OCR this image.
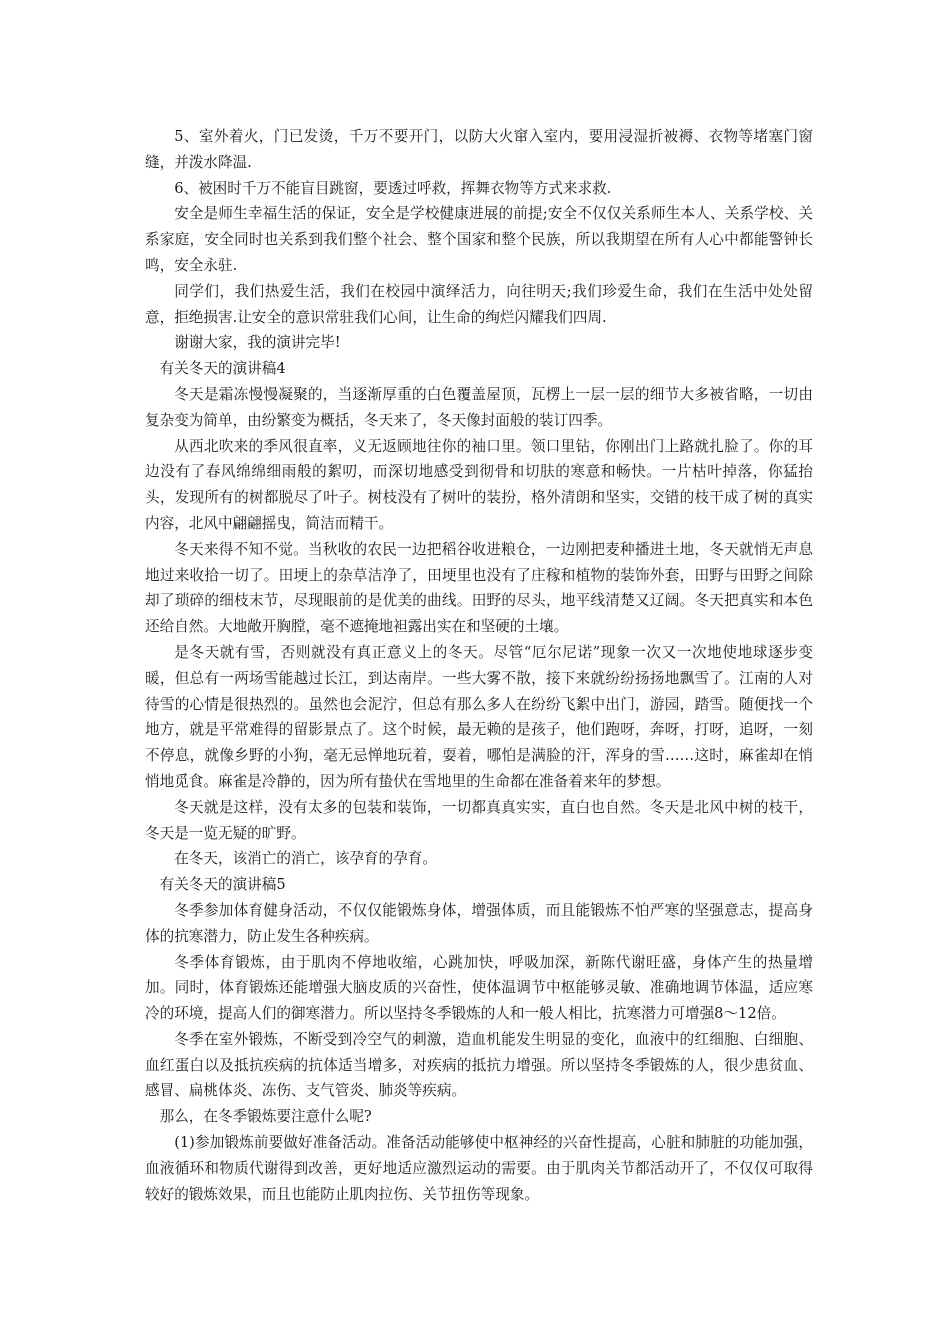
5、室外着火，门已发烫，千万不要开门，以防大火窜入室内，要用浸湿折被褥、衣物等堵塞门窗缝，并泼水降温.

6、被困时千万不能盲目跳窗，要透过呼救，挥舞衣物等方式来求救.

安全是师生幸福生活的保证，安全是学校健康进展的前提;安全不仅仅关系师生本人、关系学校、关系家庭，安全同时也关系到我们整个社会、整个国家和整个民族，所以我期望在所有人心中都能警钟长鸣，安全永驻.

同学们，我们热爱生活，我们在校园中演绎活力，向往明天;我们珍爱生命，我们在生活中处处留意，拒绝损害.让安全的意识常驻我们心间，让生命的绚烂闪耀我们四周.

谢谢大家，我的演讲完毕!

有关冬天的演讲稿4

冬天是霜冻慢慢凝聚的，当逐渐厚重的白色覆盖屋顶，瓦楞上一层一层的细节大多被省略，一切由复杂变为简单，由纷繁变为概括，冬天来了，冬天像封面般的装订四季。

从西北吹来的季风很直率，义无返顾地往你的袖口里。领口里钻，你刚出门上路就扎脸了。你的耳边没有了春风绵绵细雨般的絮叨，而深切地感受到彻骨和切肤的寒意和畅快。一片枯叶掉落，你猛抬头，发现所有的树都脱尽了叶子。树枝没有了树叶的装扮，格外清朗和坚实，交错的枝干成了树的真实内容，北风中翩翩摇曳，简洁而精干。

冬天来得不知不觉。当秋收的农民一边把稻谷收进粮仓，一边刚把麦种播进土地，冬天就悄无声息地过来收拾一切了。田埂上的杂草洁净了，田埂里也没有了庄稼和植物的装饰外套，田野与田野之间除却了琐碎的细枝末节，尽现眼前的是优美的曲线。田野的尽头，地平线清楚又辽阔。冬天把真实和本色还给自然。大地敞开胸膛，毫不遮掩地袒露出实在和坚硬的土壤。

是冬天就有雪，否则就没有真正意义上的冬天。尽管“厄尔尼诺”现象一次又一次地使地球逐步变暖，但总有一两场雪能越过长江，到达南岸。一些大雾不散，接下来就纷纷扬扬地飘雪了。江南的人对待雪的心情是很热烈的。虽然也会泥泞，但总有那么多人在纷纷飞絮中出门，游园，踏雪。随便找一个地方，就是平常难得的留影景点了。这个时候，最无赖的是孩子，他们跑呀，奔呀，打呀，追呀，一刻不停息，就像乡野的小狗，毫无忌惮地玩着，耍着，哪怕是满脸的汗，浑身的雪……这时，麻雀却在悄悄地觅食。麻雀是冷静的，因为所有蛰伏在雪地里的生命都在准备着来年的梦想。

冬天就是这样，没有太多的包装和装饰，一切都真真实实，直白也自然。冬天是北风中树的枝干，冬天是一览无疑的旷野。

在冬天，该消亡的消亡，该孕育的孕育。

有关冬天的演讲稿5

冬季参加体育健身活动，不仅仅能锻炼身体，增强体质，而且能锻炼不怕严寒的坚强意志，提高身体的抗寒潜力，防止发生各种疾病。

冬季体育锻炼，由于肌肉不停地收缩，心跳加快，呼吸加深，新陈代谢旺盛，身体产生的热量增加。同时，体育锻炼还能增强大脑皮质的兴奋性，使体温调节中枢能够灵敏、准确地调节体温，适应寒冷的环境，提高人们的御寒潜力。所以坚持冬季锻炼的人和一般人相比，抗寒潜力可增强8～12倍。

冬季在室外锻炼，不断受到冷空气的刺激，造血机能发生明显的变化，血液中的红细胞、白细胞、血红蛋白以及抵抗疾病的抗体适当增多，对疾病的抵抗力增强。所以坚持冬季锻炼的人，很少患贫血、感冒、扁桃体炎、冻伤、支气管炎、肺炎等疾病。

那么，在冬季锻炼要注意什么呢?

(1)参加锻炼前要做好准备活动。准备活动能够使中枢神经的兴奋性提高，心脏和肺脏的功能加强，血液循环和物质代谢得到改善，更好地适应激烈运动的需要。由于肌肉关节都活动开了，不仅仅可取得较好的锻炼效果，而且也能防止肌肉拉伤、关节扭伤等现象。
